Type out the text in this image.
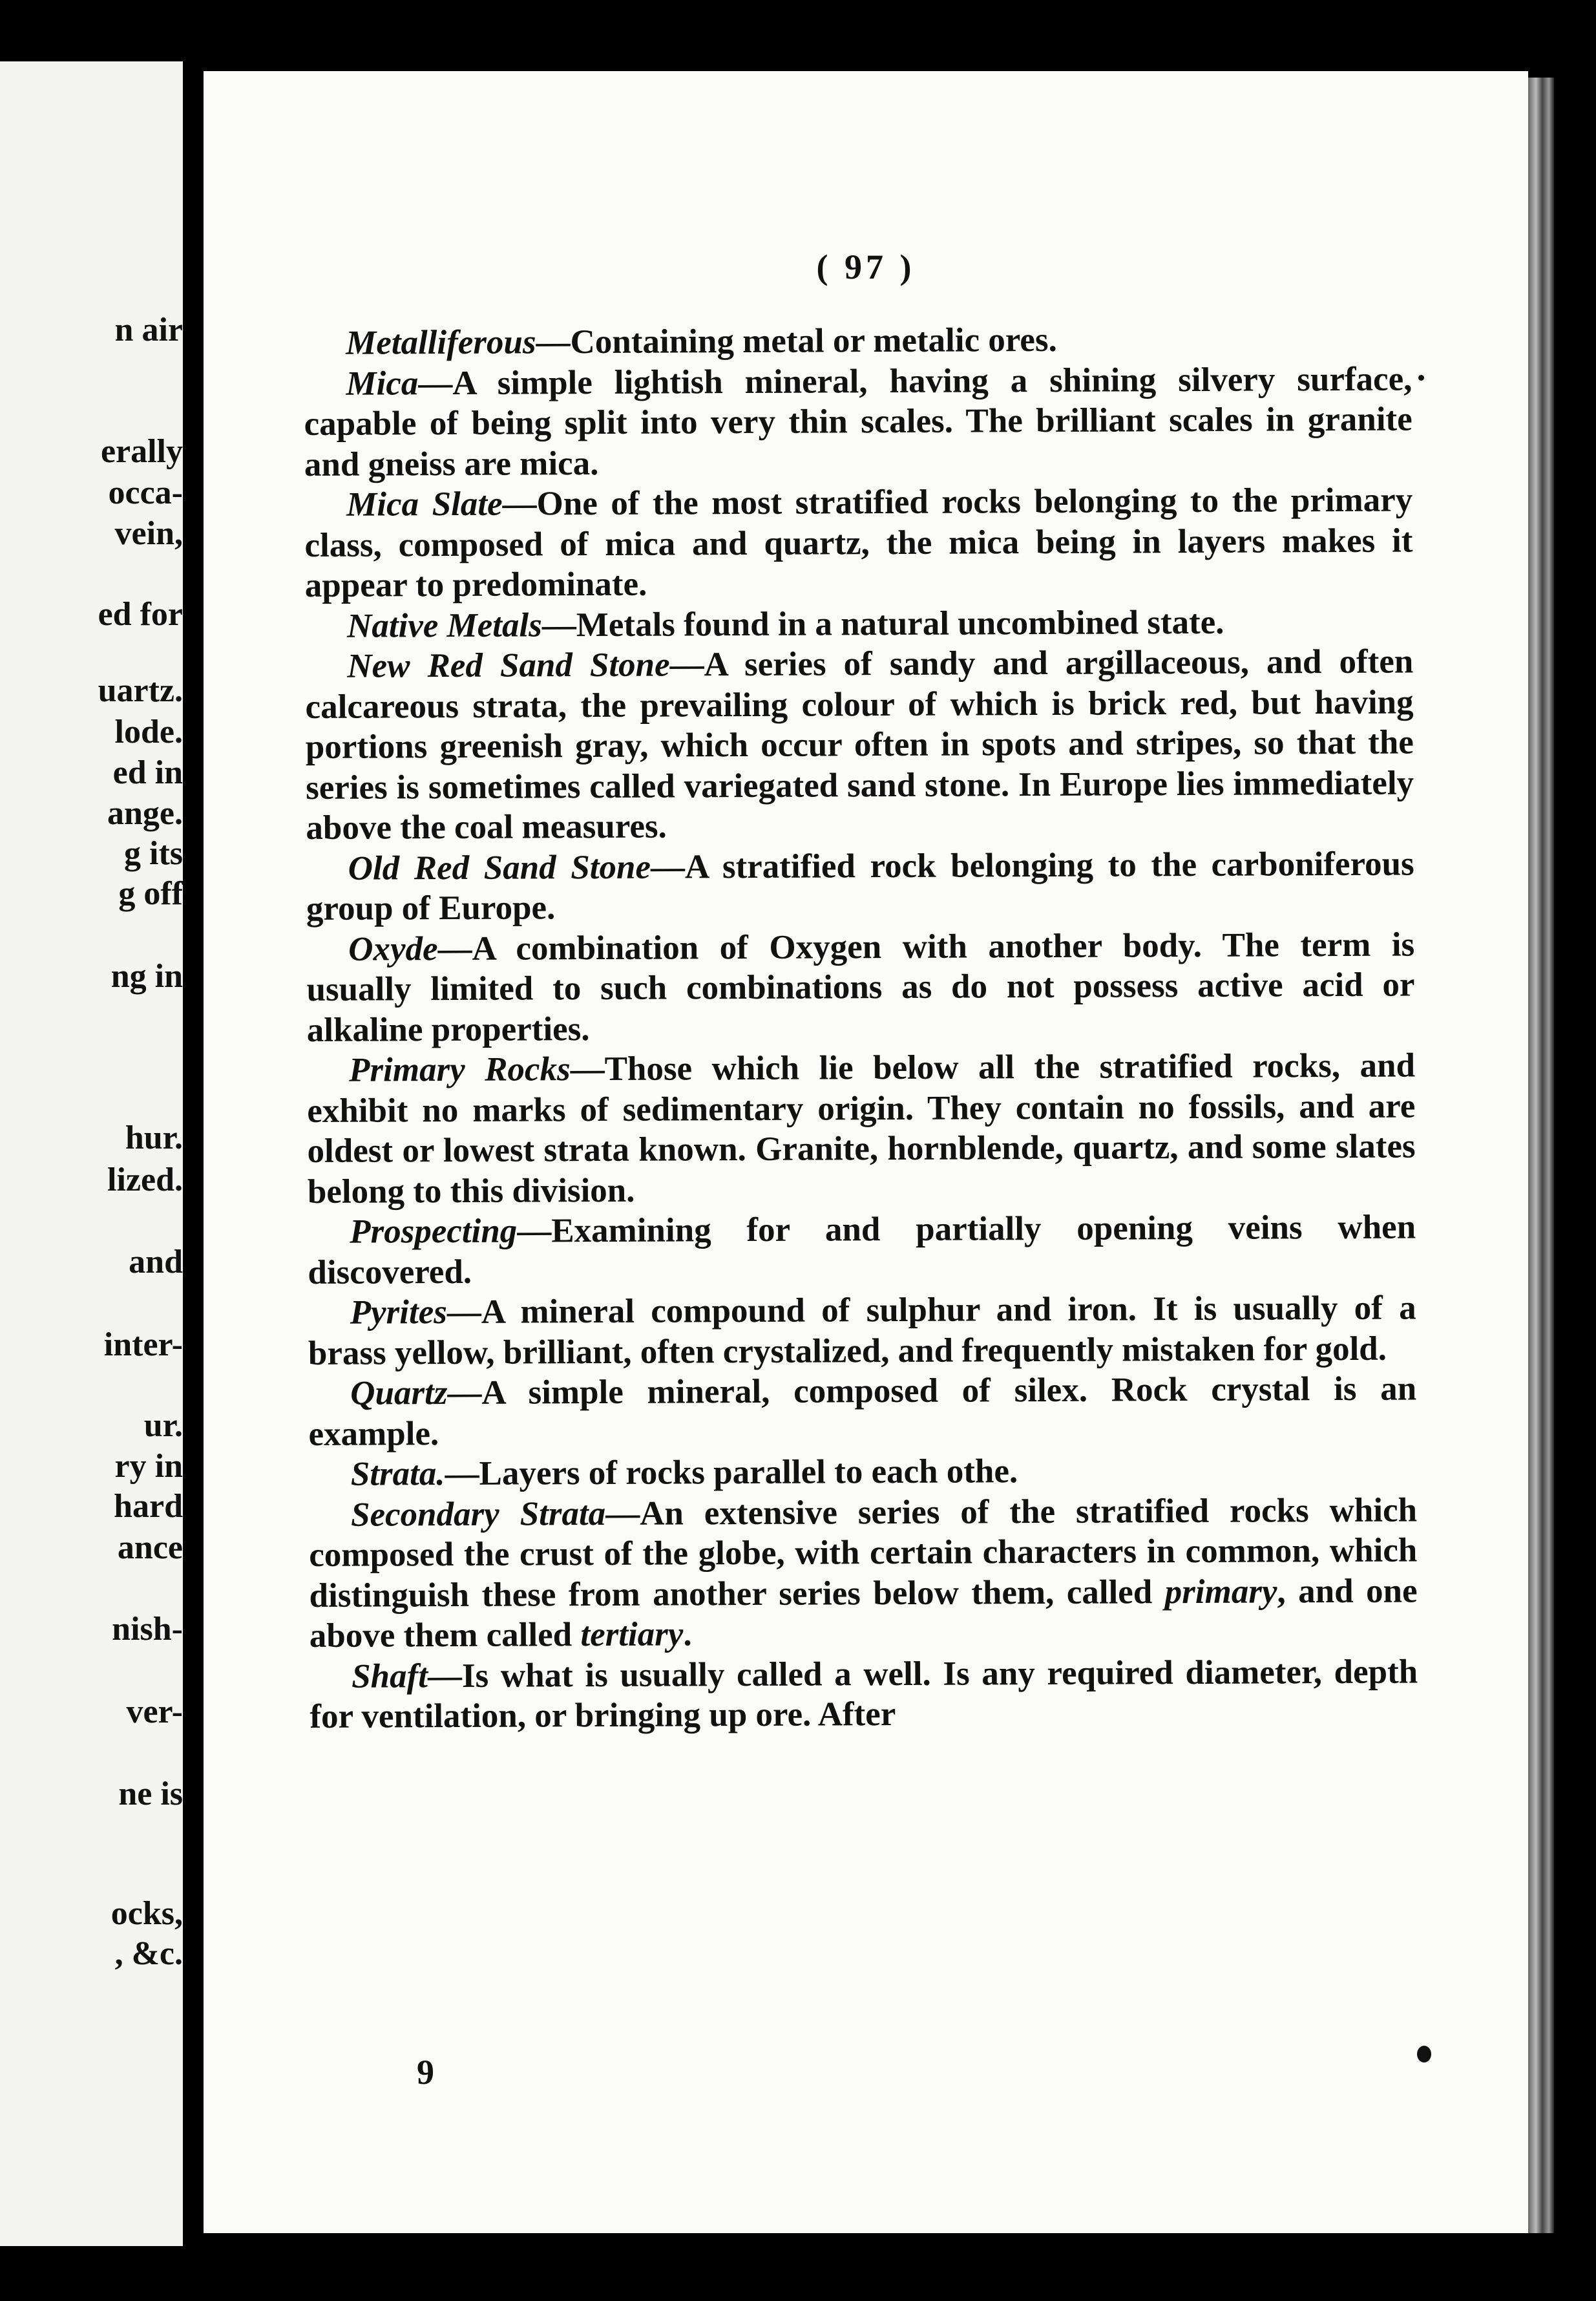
n air

erally

occa-

vein,

ed for

uartz.

lode.

ed in

ange.

g its

g off

ng in

hur.

lized.

and

inter-

ur.

ry in

hard

ance

nish-

ver-

ne is

ocks,

, &c.

( 97 )

Metalliferous—Containing metal or metalic ores.

Mica—A simple lightish mineral, having a shining silvery surface, capable of being split into very thin scales. The brilliant scales in granite and gneiss are mica.

Mica Slate—One of the most stratified rocks belonging to the primary class, composed of mica and quartz, the mica being in layers makes it appear to predominate.

Native Metals—Metals found in a natural uncombined state.

New Red Sand Stone—A series of sandy and argillaceous, and often calcareous strata, the prevailing colour of which is brick red, but having portions greenish gray, which occur often in spots and stripes, so that the series is sometimes called variegated sand stone. In Europe lies immediately above the coal measures.

Old Red Sand Stone—A stratified rock belonging to the carboniferous group of Europe.

Oxyde—A combination of Oxygen with another body. The term is usually limited to such combinations as do not possess active acid or alkaline properties.

Primary Rocks—Those which lie below all the stratified rocks, and exhibit no marks of sedimentary origin. They contain no fossils, and are oldest or lowest strata known. Granite, hornblende, quartz, and some slates belong to this division.

Prospecting—Examining for and partially opening veins when discovered.

Pyrites—A mineral compound of sulphur and iron. It is usually of a brass yellow, brilliant, often crystalized, and frequently mistaken for gold.

Quartz—A simple mineral, composed of silex. Rock crystal is an example.

Strata.—Layers of rocks parallel to each othe.

Secondary Strata—An extensive series of the stratified rocks which composed the crust of the globe, with certain characters in common, which distinguish these from another series below them, called primary, and one above them called tertiary.

Shaft—Is what is usually called a well. Is any required diameter, depth for ventilation, or bringing up ore. After

9
